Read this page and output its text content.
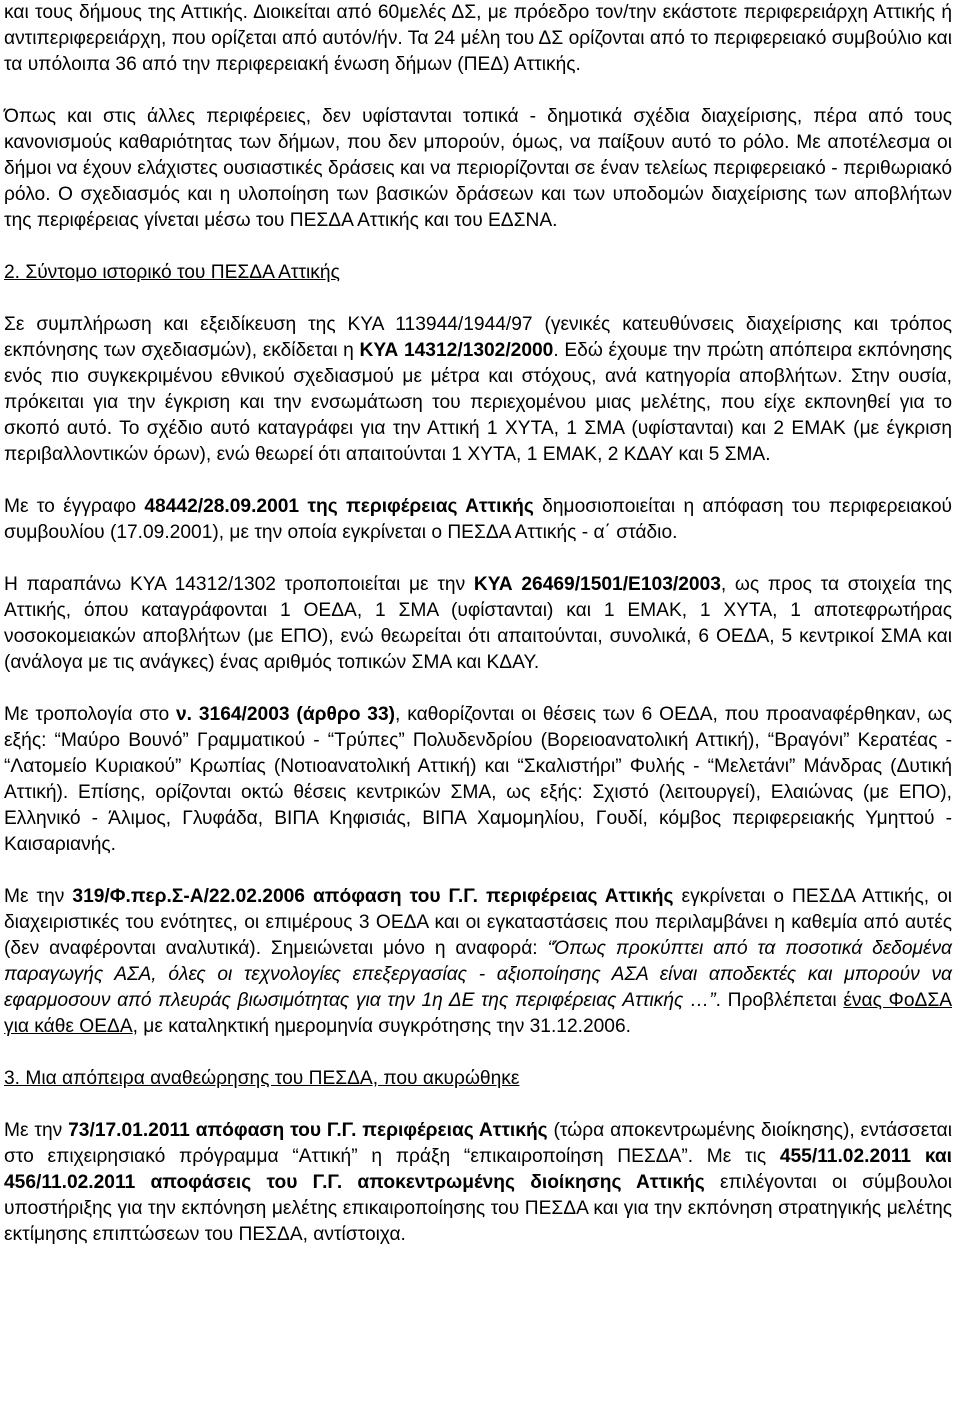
και τους δήμους της Αττικής. Διοικείται από 60μελές ΔΣ, με πρόεδρο τον/την εκάστοτε περιφερειάρχη Αττικής ή αντιπεριφερειάρχη, που ορίζεται από αυτόν/ήν. Τα 24 μέλη του ΔΣ ορίζονται από το περιφερειακό συμβούλιο και τα υπόλοιπα 36 από την περιφερειακή ένωση δήμων (ΠΕΔ) Αττικής.

Όπως και στις άλλες περιφέρειες, δεν υφίστανται τοπικά - δημοτικά σχέδια διαχείρισης, πέρα από τους κανονισμούς καθαριότητας των δήμων, που δεν μπορούν, όμως, να παίξουν αυτό το ρόλο. Με αποτέλεσμα οι δήμοι να έχουν ελάχιστες ουσιαστικές δράσεις και να περιορίζονται σε έναν τελείως περιφερειακό - περιθωριακό ρόλο. Ο σχεδιασμός και η υλοποίηση των βασικών δράσεων και των υποδομών διαχείρισης των αποβλήτων της περιφέρειας γίνεται μέσω του ΠΕΣΔΑ Αττικής και του ΕΔΣΝΑ.

2. Σύντομο ιστορικό του ΠΕΣΔΑ Αττικής

Σε συμπλήρωση και εξειδίκευση της ΚΥΑ 113944/1944/97 (γενικές κατευθύνσεις διαχείρισης και τρόπος εκπόνησης των σχεδιασμών), εκδίδεται η ΚΥΑ 14312/1302/2000. Εδώ έχουμε την πρώτη απόπειρα εκπόνησης ενός πιο συγκεκριμένου εθνικού σχεδιασμού με μέτρα και στόχους, ανά κατηγορία αποβλήτων. Στην ουσία, πρόκειται για την έγκριση και την ενσωμάτωση του περιεχομένου μιας μελέτης, που είχε εκπονηθεί για το σκοπό αυτό. Το σχέδιο αυτό καταγράφει για την Αττική 1 ΧΥΤΑ, 1 ΣΜΑ (υφίστανται) και 2 ΕΜΑΚ (με έγκριση περιβαλλοντικών όρων), ενώ θεωρεί ότι απαιτούνται 1 ΧΥΤΑ, 1 ΕΜΑΚ, 2 ΚΔΑΥ και 5 ΣΜΑ.

Με το έγγραφο 48442/28.09.2001 της περιφέρειας Αττικής δημοσιοποιείται η απόφαση του περιφερειακού συμβουλίου (17.09.2001), με την οποία εγκρίνεται ο ΠΕΣΔΑ Αττικής - α΄ στάδιο.

Η παραπάνω ΚΥΑ 14312/1302 τροποποιείται με την ΚΥΑ 26469/1501/Ε103/2003, ως προς τα στοιχεία της Αττικής, όπου καταγράφονται 1 ΟΕΔΑ, 1 ΣΜΑ (υφίστανται) και 1 ΕΜΑΚ, 1 ΧΥΤΑ, 1 αποτεφρωτήρας νοσοκομειακών αποβλήτων (με ΕΠΟ), ενώ θεωρείται ότι απαιτούνται, συνολικά, 6 ΟΕΔΑ, 5 κεντρικοί ΣΜΑ και (ανάλογα με τις ανάγκες) ένας αριθμός τοπικών ΣΜΑ και ΚΔΑΥ.

Με τροπολογία στο ν. 3164/2003 (άρθρο 33), καθορίζονται οι θέσεις των 6 ΟΕΔΑ, που προαναφέρθηκαν, ως εξής: “Μαύρο Βουνό” Γραμματικού - “Τρύπες” Πολυδενδρίου (Βορειοανατολική Αττική), “Βραγόνι” Κερατέας - “Λατομείο Κυριακού” Κρωπίας (Νοτιοανατολική Αττική) και “Σκαλιστήρι” Φυλής - “Μελετάνι” Μάνδρας (Δυτική Αττική). Επίσης, ορίζονται οκτώ θέσεις κεντρικών ΣΜΑ, ως εξής: Σχιστό (λειτουργεί), Ελαιώνας (με ΕΠΟ), Ελληνικό - Άλιμος, Γλυφάδα, ΒΙΠΑ Κηφισιάς, ΒΙΠΑ Χαμομηλίου, Γουδί, κόμβος περιφερειακής Υμηττού - Καισαριανής.

Με την 319/Φ.περ.Σ-Α/22.02.2006 απόφαση του Γ.Γ. περιφέρειας Αττικής εγκρίνεται ο ΠΕΣΔΑ Αττικής, οι διαχειριστικές του ενότητες, οι επιμέρους 3 ΟΕΔΑ και οι εγκαταστάσεις που περιλαμβάνει η καθεμία από αυτές (δεν αναφέρονται αναλυτικά). Σημειώνεται μόνο η αναφορά: “Όπως προκύπτει από τα ποσοτικά δεδομένα παραγωγής ΑΣΑ, όλες οι τεχνολογίες επεξεργασίας - αξιοποίησης ΑΣΑ είναι αποδεκτές και μπορούν να εφαρμοσουν από πλευράς βιωσιμότητας για την 1η ΔΕ της περιφέρειας Αττικής …”. Προβλέπεται ένας ΦοΔΣΑ για κάθε ΟΕΔΑ, με καταληκτική ημερομηνία συγκρότησης την 31.12.2006.

3. Μια απόπειρα αναθεώρησης του ΠΕΣΔΑ, που ακυρώθηκε

Με την 73/17.01.2011 απόφαση του Γ.Γ. περιφέρειας Αττικής (τώρα αποκεντρωμένης διοίκησης), εντάσσεται στο επιχειρησιακό πρόγραμμα “Αττική” η πράξη “επικαιροποίηση ΠΕΣΔΑ”. Με τις 455/11.02.2011 και 456/11.02.2011 αποφάσεις του Γ.Γ. αποκεντρωμένης διοίκησης Αττικής επιλέγονται οι σύμβουλοι υποστήριξης για την εκπόνηση μελέτης επικαιροποίησης του ΠΕΣΔΑ και για την εκπόνηση στρατηγικής μελέτης εκτίμησης επιπτώσεων του ΠΕΣΔΑ, αντίστοιχα.
